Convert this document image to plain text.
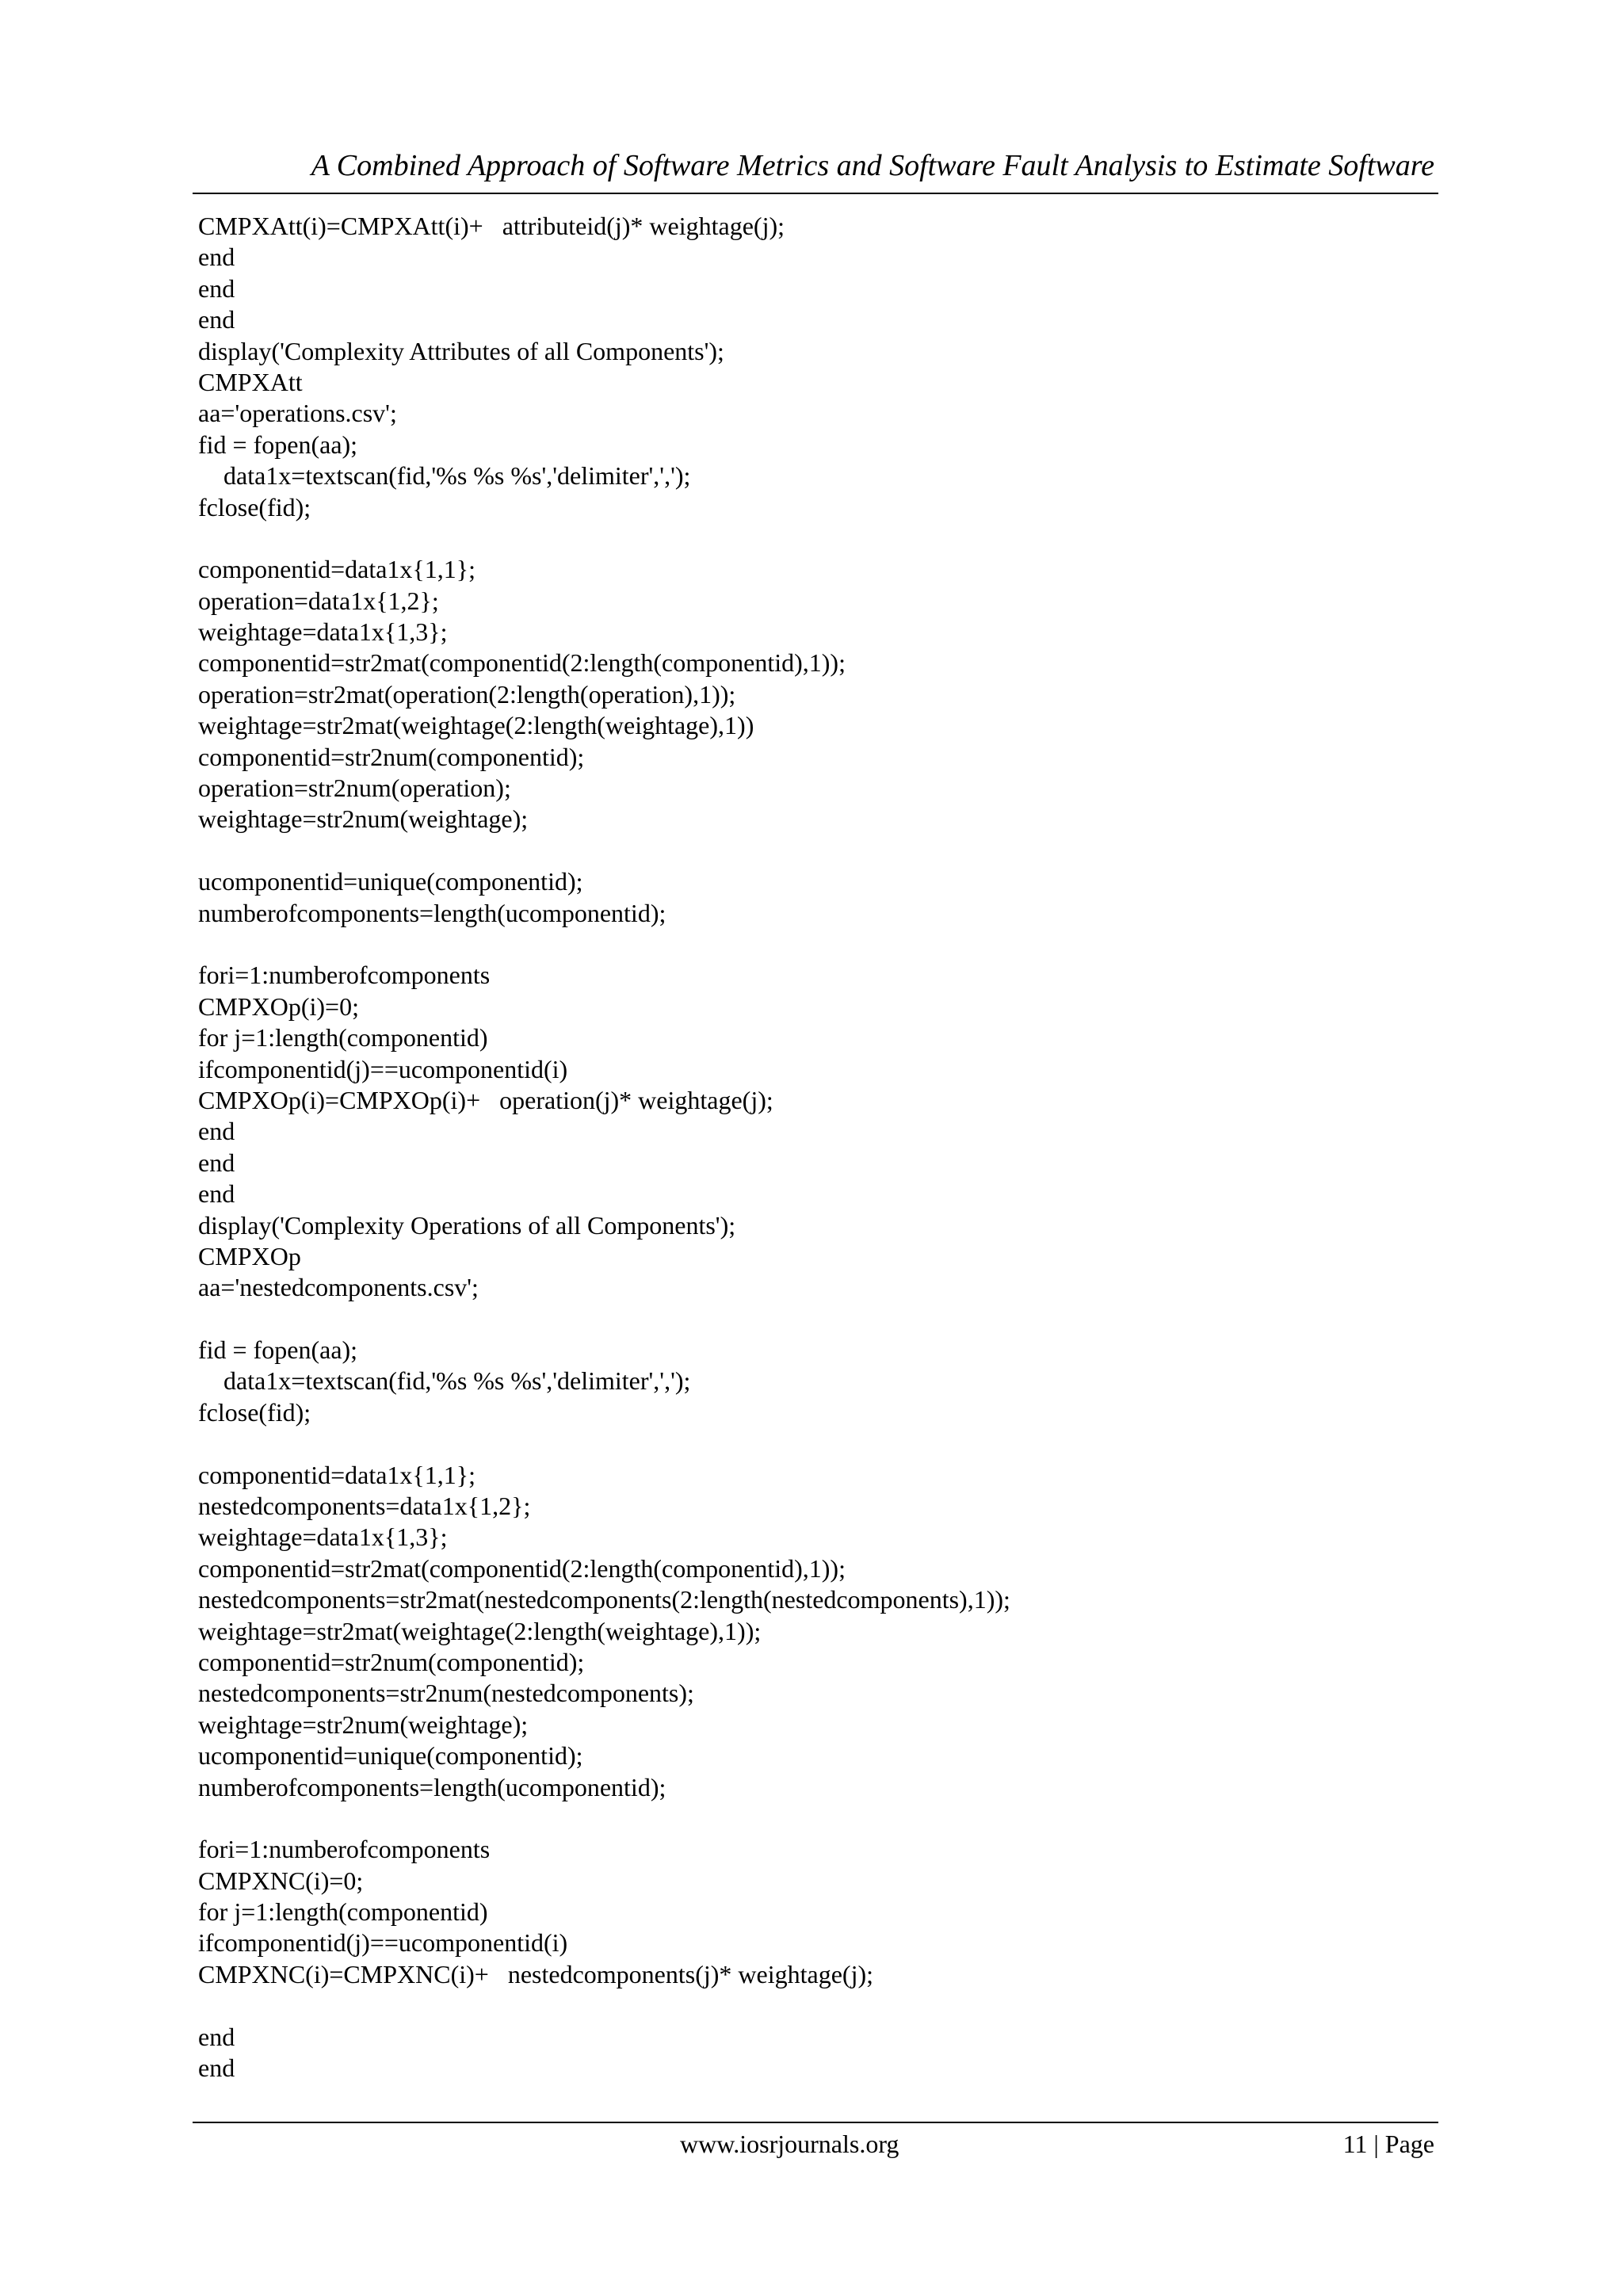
A Combined Approach of Software Metrics and Software Fault Analysis to Estimate Software
CMPXAtt(i)=CMPXAtt(i)+   attributeid(j)* weightage(j);
end
end
end
display('Complexity Attributes of all Components');
CMPXAtt
aa='operations.csv';
fid = fopen(aa);
data1x=textscan(fid,'%s %s %s','delimiter',',');
fclose(fid);
componentid=data1x{1,1};
operation=data1x{1,2};
weightage=data1x{1,3};
componentid=str2mat(componentid(2:length(componentid),1));
operation=str2mat(operation(2:length(operation),1));
weightage=str2mat(weightage(2:length(weightage),1))
componentid=str2num(componentid);
operation=str2num(operation);
weightage=str2num(weightage);
ucomponentid=unique(componentid);
numberofcomponents=length(ucomponentid);
fori=1:numberofcomponents
CMPXOp(i)=0;
for j=1:length(componentid)
ifcomponentid(j)==ucomponentid(i)
CMPXOp(i)=CMPXOp(i)+   operation(j)* weightage(j);
end
end
end
display('Complexity Operations of all Components');
CMPXOp
aa='nestedcomponents.csv';
fid = fopen(aa);
data1x=textscan(fid,'%s %s %s','delimiter',',');
fclose(fid);
componentid=data1x{1,1};
nestedcomponents=data1x{1,2};
weightage=data1x{1,3};
componentid=str2mat(componentid(2:length(componentid),1));
nestedcomponents=str2mat(nestedcomponents(2:length(nestedcomponents),1));
weightage=str2mat(weightage(2:length(weightage),1));
componentid=str2num(componentid);
nestedcomponents=str2num(nestedcomponents);
weightage=str2num(weightage);
ucomponentid=unique(componentid);
numberofcomponents=length(ucomponentid);
fori=1:numberofcomponents
CMPXNC(i)=0;
for j=1:length(componentid)
ifcomponentid(j)==ucomponentid(i)
CMPXNC(i)=CMPXNC(i)+   nestedcomponents(j)* weightage(j);
end
end
www.iosrjournals.org	11 | Page
